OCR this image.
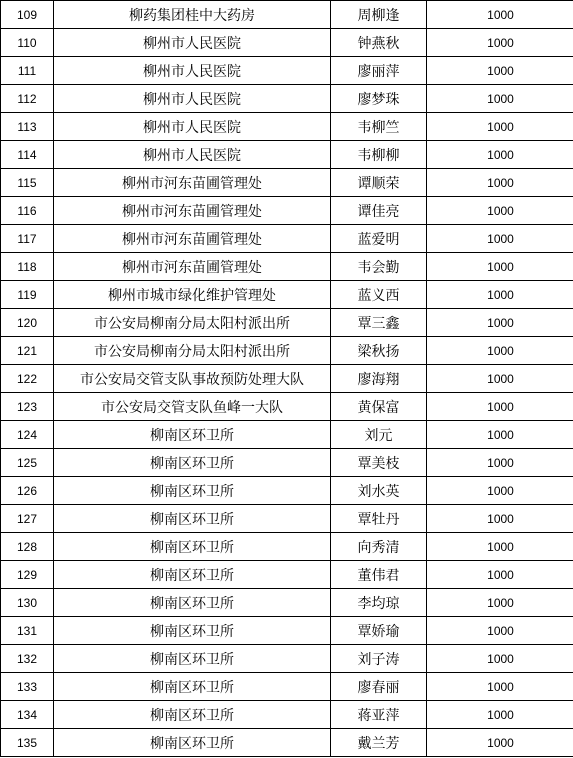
109	柳药集团桂中大药房	周柳逢	1000
110	柳州市人民医院	钟燕秋	1000
111	柳州市人民医院	廖丽萍	1000
112	柳州市人民医院	廖梦珠	1000
113	柳州市人民医院	韦柳竺	1000
114	柳州市人民医院	韦柳柳	1000
115	柳州市河东苗圃管理处	谭顺荣	1000
116	柳州市河东苗圃管理处	谭佳亮	1000
117	柳州市河东苗圃管理处	蓝爱明	1000
118	柳州市河东苗圃管理处	韦会勤	1000
119	柳州市城市绿化维护管理处	蓝义西	1000
120	市公安局柳南分局太阳村派出所	覃三鑫	1000
121	市公安局柳南分局太阳村派出所	梁秋扬	1000
122	市公安局交管支队事故预防处理大队	廖海翔	1000
123	市公安局交管支队鱼峰一大队	黄保富	1000
124	柳南区环卫所	刘元	1000
125	柳南区环卫所	覃美枝	1000
126	柳南区环卫所	刘水英	1000
127	柳南区环卫所	覃牡丹	1000
128	柳南区环卫所	向秀清	1000
129	柳南区环卫所	董伟君	1000
130	柳南区环卫所	李均琼	1000
131	柳南区环卫所	覃娇瑜	1000
132	柳南区环卫所	刘子涛	1000
133	柳南区环卫所	廖春丽	1000
134	柳南区环卫所	蒋亚萍	1000
135	柳南区环卫所	戴兰芳	1000
